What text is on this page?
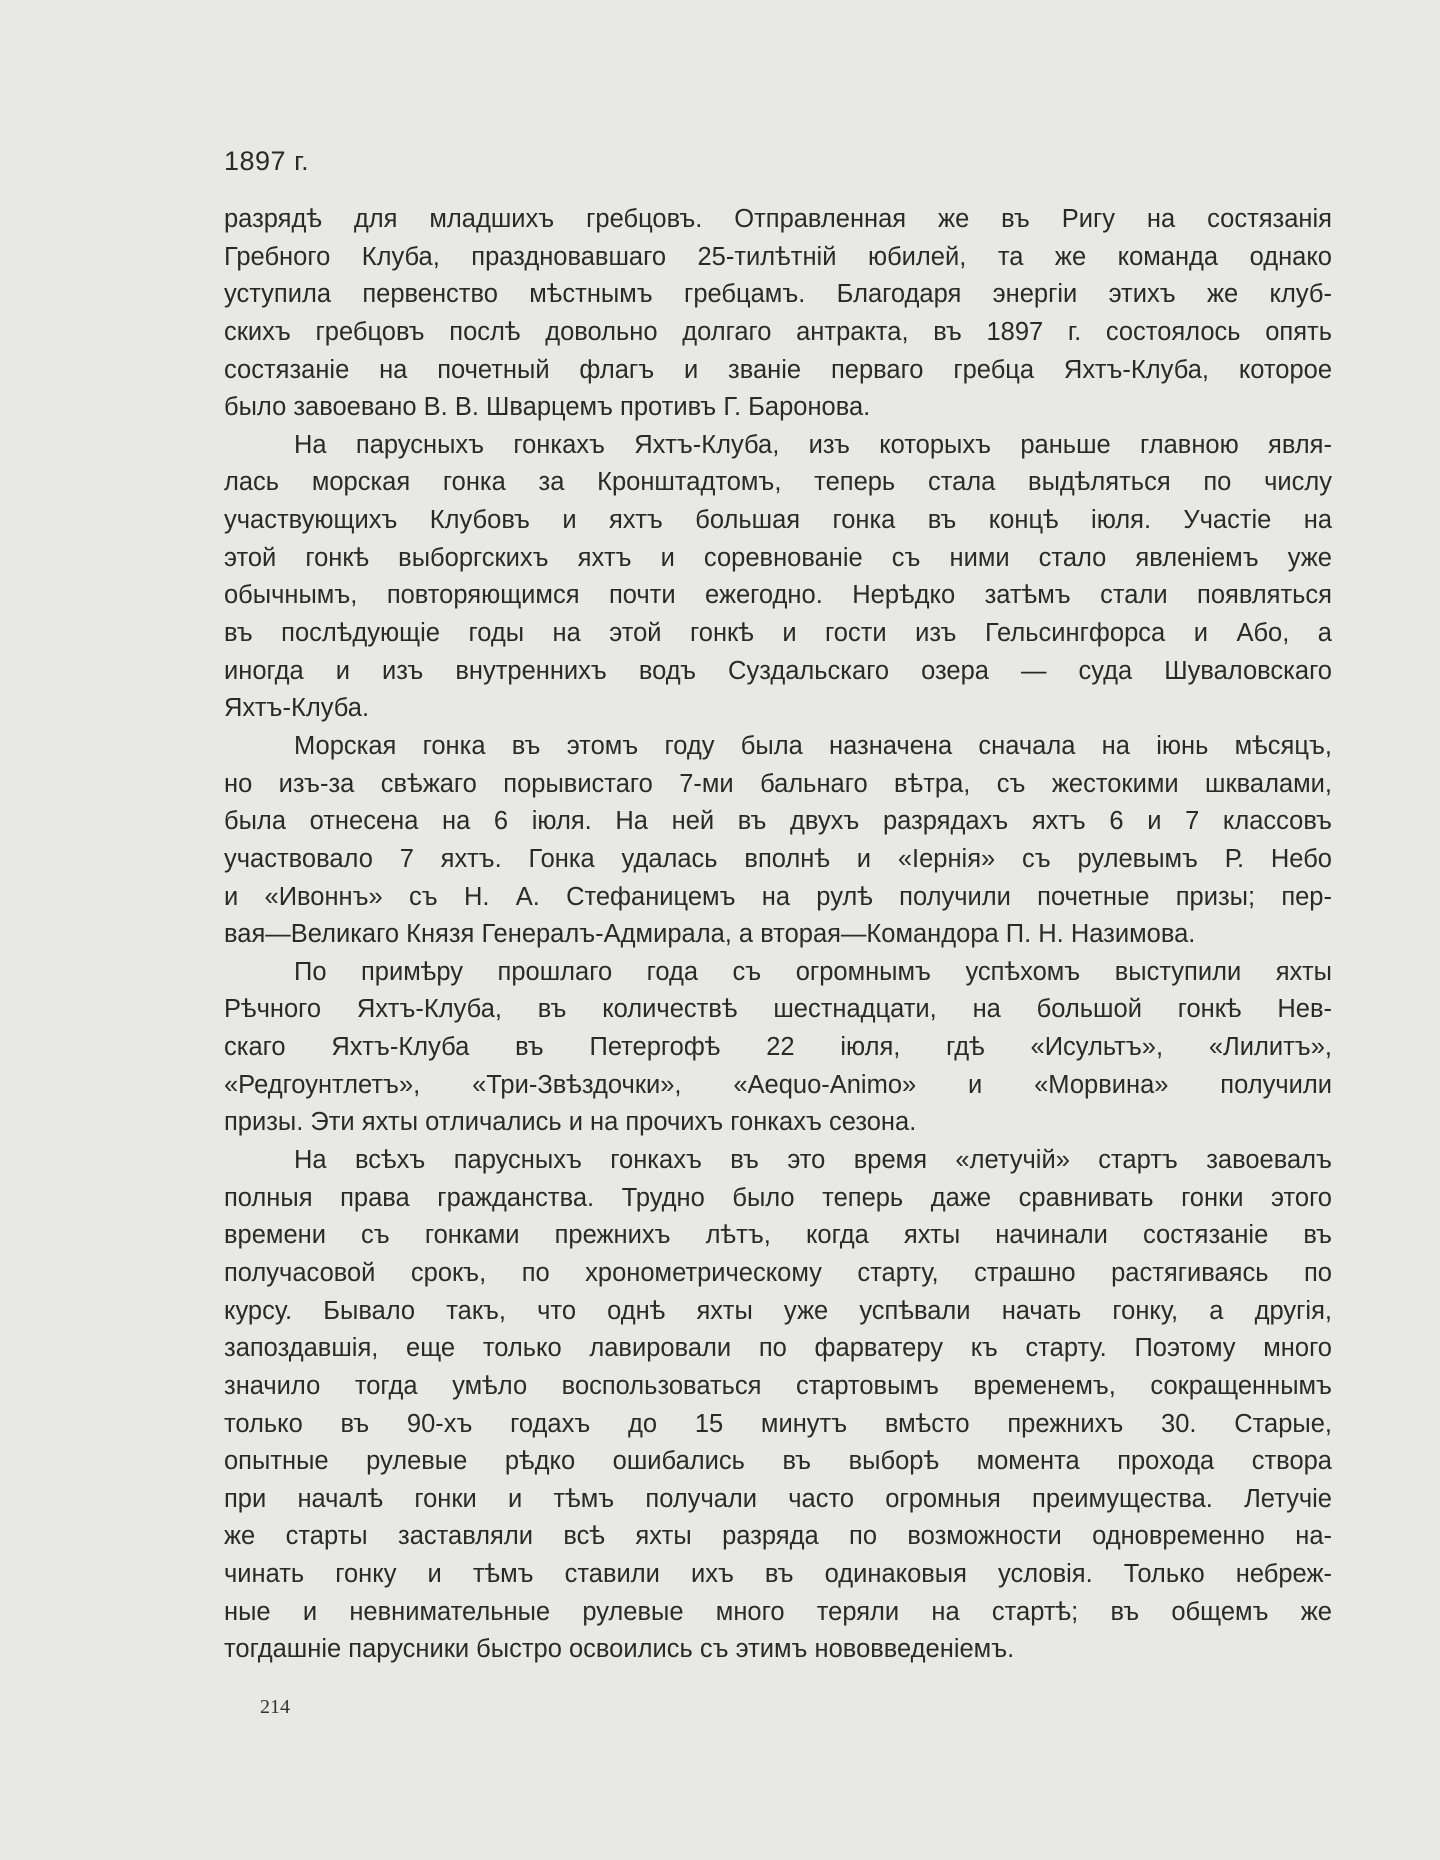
1897 г.
разрядѣ для младшихъ гребцовъ. Отправленная же въ Ригу на состязанія
Гребного Клуба, праздновавшаго 25-тилѣтній юбилей, та же команда однако
уступила первенство мѣстнымъ гребцамъ. Благодаря энергіи этихъ же клуб-
скихъ гребцовъ послѣ довольно долгаго антракта, въ 1897 г. состоялось опять
состязаніе на почетный флагъ и званіе перваго гребца Яхтъ-Клуба, которое
было завоевано В. В. Шварцемъ противъ Г. Баронова.
На парусныхъ гонкахъ Яхтъ-Клуба, изъ которыхъ раньше главною явля-
лась морская гонка за Кронштадтомъ, теперь стала выдѣляться по числу
участвующихъ Клубовъ и яхтъ большая гонка въ концѣ іюля. Участіе на
этой гонкѣ выборгскихъ яхтъ и соревнованіе съ ними стало явленіемъ уже
обычнымъ, повторяющимся почти ежегодно. Нерѣдко затѣмъ стали появляться
въ послѣдующіе годы на этой гонкѣ и гости изъ Гельсингфорса и Або, а
иногда и изъ внутреннихъ водъ Суздальскаго озера — суда Шуваловскаго
Яхтъ-Клуба.
Морская гонка въ этомъ году была назначена сначала на іюнь мѣсяцъ,
но изъ-за свѣжаго порывистаго 7-ми бальнаго вѣтра, съ жестокими шквалами,
была отнесена на 6 іюля. На ней въ двухъ разрядахъ яхтъ 6 и 7 классовъ
участвовало 7 яхтъ. Гонка удалась вполнѣ и «Іернія» съ рулевымъ Р. Небо
и «Ивоннъ» съ Н. А. Стефаницемъ на рулѣ получили почетные призы; пер-
вая—Великаго Князя Генералъ-Адмирала, а вторая—Командора П. Н. Назимова.
По примѣру прошлаго года съ огромнымъ успѣхомъ выступили яхты
Рѣчного Яхтъ-Клуба, въ количествѣ шестнадцати, на большой гонкѣ Нев-
скаго Яхтъ-Клуба въ Петергофѣ 22 іюля, гдѣ «Исультъ», «Лилитъ»,
«Редгоунтлетъ», «Три-Звѣздочки», «Aequo-Animo» и «Морвина» получили
призы. Эти яхты отличались и на прочихъ гонкахъ сезона.
На всѣхъ парусныхъ гонкахъ въ это время «летучій» стартъ завоевалъ
полныя права гражданства. Трудно было теперь даже сравнивать гонки этого
времени съ гонками прежнихъ лѣтъ, когда яхты начинали состязаніе въ
получасовой срокъ, по хронометрическому старту, страшно растягиваясь по
курсу. Бывало такъ, что однѣ яхты уже успѣвали начать гонку, а другія,
запоздавшія, еще только лавировали по фарватеру къ старту. Поэтому много
значило тогда умѣло воспользоваться стартовымъ временемъ, сокращеннымъ
только въ 90-хъ годахъ до 15 минутъ вмѣсто прежнихъ 30. Старые,
опытные рулевые рѣдко ошибались въ выборѣ момента прохода створа
при началѣ гонки и тѣмъ получали часто огромныя преимущества. Летучіе
же старты заставляли всѣ яхты разряда по возможности одновременно на-
чинать гонку и тѣмъ ставили ихъ въ одинаковыя условія. Только небреж-
ные и невнимательные рулевые много теряли на стартѣ; въ общемъ же
тогдашніе парусники быстро освоились съ этимъ нововведеніемъ.
214
